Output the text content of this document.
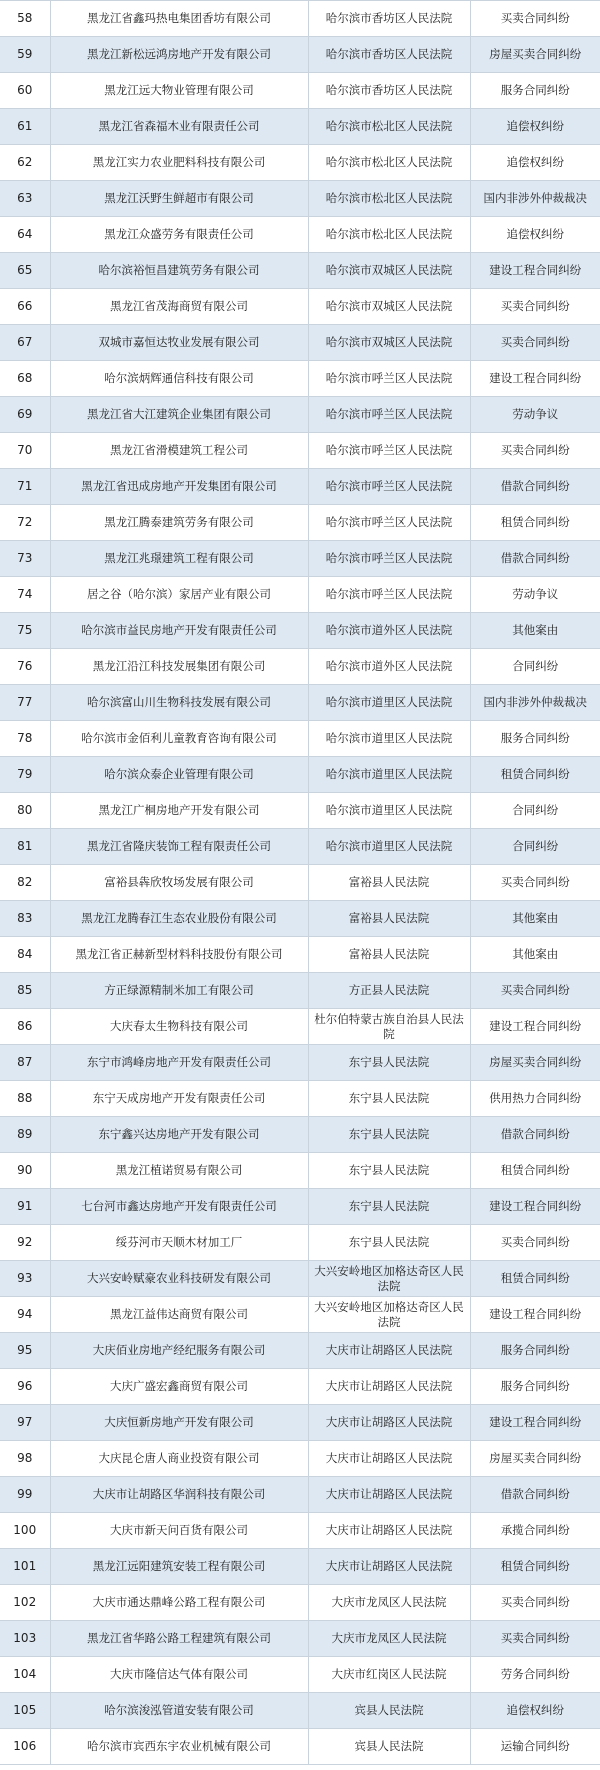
58	黑龙江省鑫玛热电集团香坊有限公司	哈尔滨市香坊区人民法院	买卖合同纠纷
59	黑龙江新松远鸿房地产开发有限公司	哈尔滨市香坊区人民法院	房屋买卖合同纠纷
60	黑龙江远大物业管理有限公司	哈尔滨市香坊区人民法院	服务合同纠纷
61	黑龙江省森福木业有限责任公司	哈尔滨市松北区人民法院	追偿权纠纷
62	黑龙江实力农业肥料科技有限公司	哈尔滨市松北区人民法院	追偿权纠纷
63	黑龙江沃野生鲜超市有限公司	哈尔滨市松北区人民法院	国内非涉外仲裁裁决
64	黑龙江众盛劳务有限责任公司	哈尔滨市松北区人民法院	追偿权纠纷
65	哈尔滨裕恒昌建筑劳务有限公司	哈尔滨市双城区人民法院	建设工程合同纠纷
66	黑龙江省茂海商贸有限公司	哈尔滨市双城区人民法院	买卖合同纠纷
67	双城市嘉恒达牧业发展有限公司	哈尔滨市双城区人民法院	买卖合同纠纷
68	哈尔滨炳辉通信科技有限公司	哈尔滨市呼兰区人民法院	建设工程合同纠纷
69	黑龙江省大江建筑企业集团有限公司	哈尔滨市呼兰区人民法院	劳动争议
70	黑龙江省滑模建筑工程公司	哈尔滨市呼兰区人民法院	买卖合同纠纷
71	黑龙江省迅成房地产开发集团有限公司	哈尔滨市呼兰区人民法院	借款合同纠纷
72	黑龙江腾泰建筑劳务有限公司	哈尔滨市呼兰区人民法院	租赁合同纠纷
73	黑龙江兆璟建筑工程有限公司	哈尔滨市呼兰区人民法院	借款合同纠纷
74	居之谷（哈尔滨）家居产业有限公司	哈尔滨市呼兰区人民法院	劳动争议
75	哈尔滨市益民房地产开发有限责任公司	哈尔滨市道外区人民法院	其他案由
76	黑龙江沿江科技发展集团有限公司	哈尔滨市道外区人民法院	合同纠纷
77	哈尔滨富山川生物科技发展有限公司	哈尔滨市道里区人民法院	国内非涉外仲裁裁决
78	哈尔滨市金佰利儿童教育咨询有限公司	哈尔滨市道里区人民法院	服务合同纠纷
79	哈尔滨众泰企业管理有限公司	哈尔滨市道里区人民法院	租赁合同纠纷
80	黑龙江广桐房地产开发有限公司	哈尔滨市道里区人民法院	合同纠纷
81	黑龙江省隆庆装饰工程有限责任公司	哈尔滨市道里区人民法院	合同纠纷
82	富裕县犇欣牧场发展有限公司	富裕县人民法院	买卖合同纠纷
83	黑龙江龙腾春江生态农业股份有限公司	富裕县人民法院	其他案由
84	黑龙江省正赫新型材料科技股份有限公司	富裕县人民法院	其他案由
85	方正绿源精制米加工有限公司	方正县人民法院	买卖合同纠纷
86	大庆春太生物科技有限公司	杜尔伯特蒙古族自治县人民法院	建设工程合同纠纷
87	东宁市鸿峰房地产开发有限责任公司	东宁县人民法院	房屋买卖合同纠纷
88	东宁天成房地产开发有限责任公司	东宁县人民法院	供用热力合同纠纷
89	东宁鑫兴达房地产开发有限公司	东宁县人民法院	借款合同纠纷
90	黑龙江植诺贸易有限公司	东宁县人民法院	租赁合同纠纷
91	七台河市鑫达房地产开发有限责任公司	东宁县人民法院	建设工程合同纠纷
92	绥芬河市天顺木材加工厂	东宁县人民法院	买卖合同纠纷
93	大兴安岭赋豪农业科技研发有限公司	大兴安岭地区加格达奇区人民法院	租赁合同纠纷
94	黑龙江益伟达商贸有限公司	大兴安岭地区加格达奇区人民法院	建设工程合同纠纷
95	大庆佰业房地产经纪服务有限公司	大庆市让胡路区人民法院	服务合同纠纷
96	大庆广盛宏鑫商贸有限公司	大庆市让胡路区人民法院	服务合同纠纷
97	大庆恒新房地产开发有限公司	大庆市让胡路区人民法院	建设工程合同纠纷
98	大庆昆仑唐人商业投资有限公司	大庆市让胡路区人民法院	房屋买卖合同纠纷
99	大庆市让胡路区华润科技有限公司	大庆市让胡路区人民法院	借款合同纠纷
100	大庆市新天问百货有限公司	大庆市让胡路区人民法院	承揽合同纠纷
101	黑龙江远阳建筑安装工程有限公司	大庆市让胡路区人民法院	租赁合同纠纷
102	大庆市通达鼎峰公路工程有限公司	大庆市龙凤区人民法院	买卖合同纠纷
103	黑龙江省华路公路工程建筑有限公司	大庆市龙凤区人民法院	买卖合同纠纷
104	大庆市隆信达气体有限公司	大庆市红岗区人民法院	劳务合同纠纷
105	哈尔滨浚泓管道安装有限公司	宾县人民法院	追偿权纠纷
106	哈尔滨市宾西东宇农业机械有限公司	宾县人民法院	运输合同纠纷
